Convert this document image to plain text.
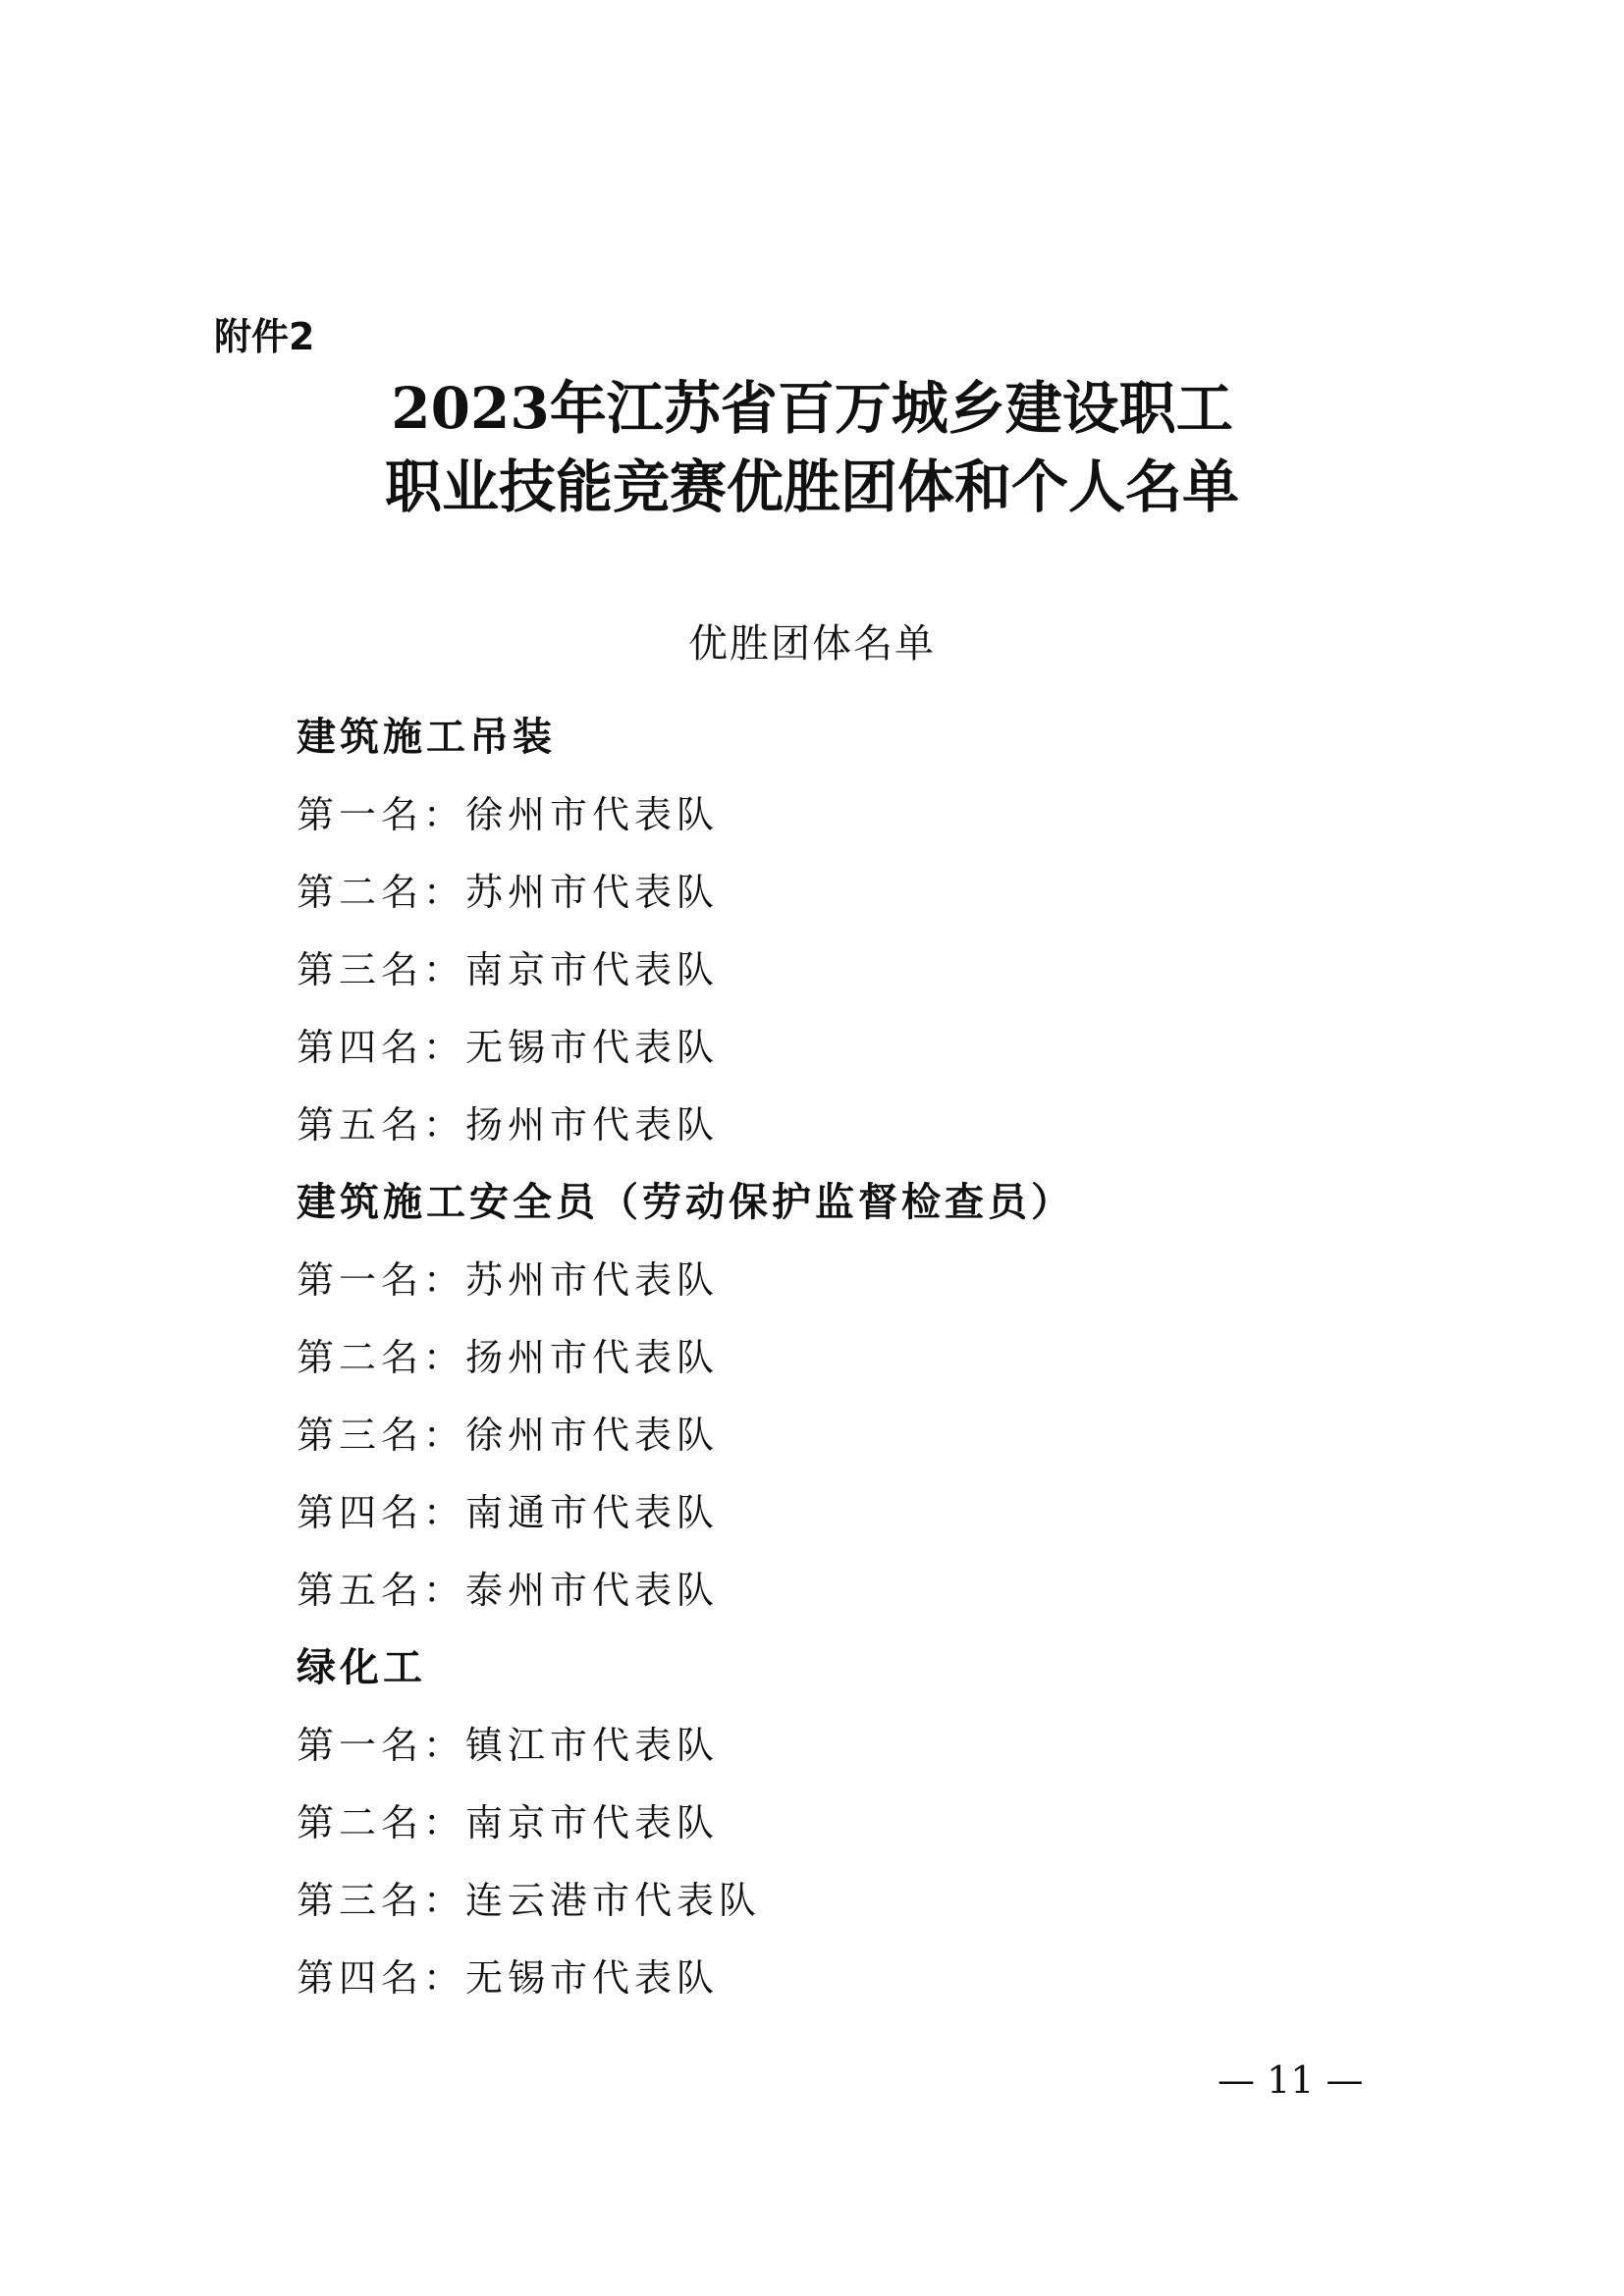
附件2
2023年江苏省百万城乡建设职工
职业技能竞赛优胜团体和个人名单
优胜团体名单
建筑施工吊装
第一名：徐州市代表队
第二名：苏州市代表队
第三名：南京市代表队
第四名：无锡市代表队
第五名：扬州市代表队
建筑施工安全员（劳动保护监督检查员）
第一名：苏州市代表队
第二名：扬州市代表队
第三名：徐州市代表队
第四名：南通市代表队
第五名：泰州市代表队
绿化工
第一名：镇江市代表队
第二名：南京市代表队
第三名：连云港市代表队
第四名：无锡市代表队
— 11 —
